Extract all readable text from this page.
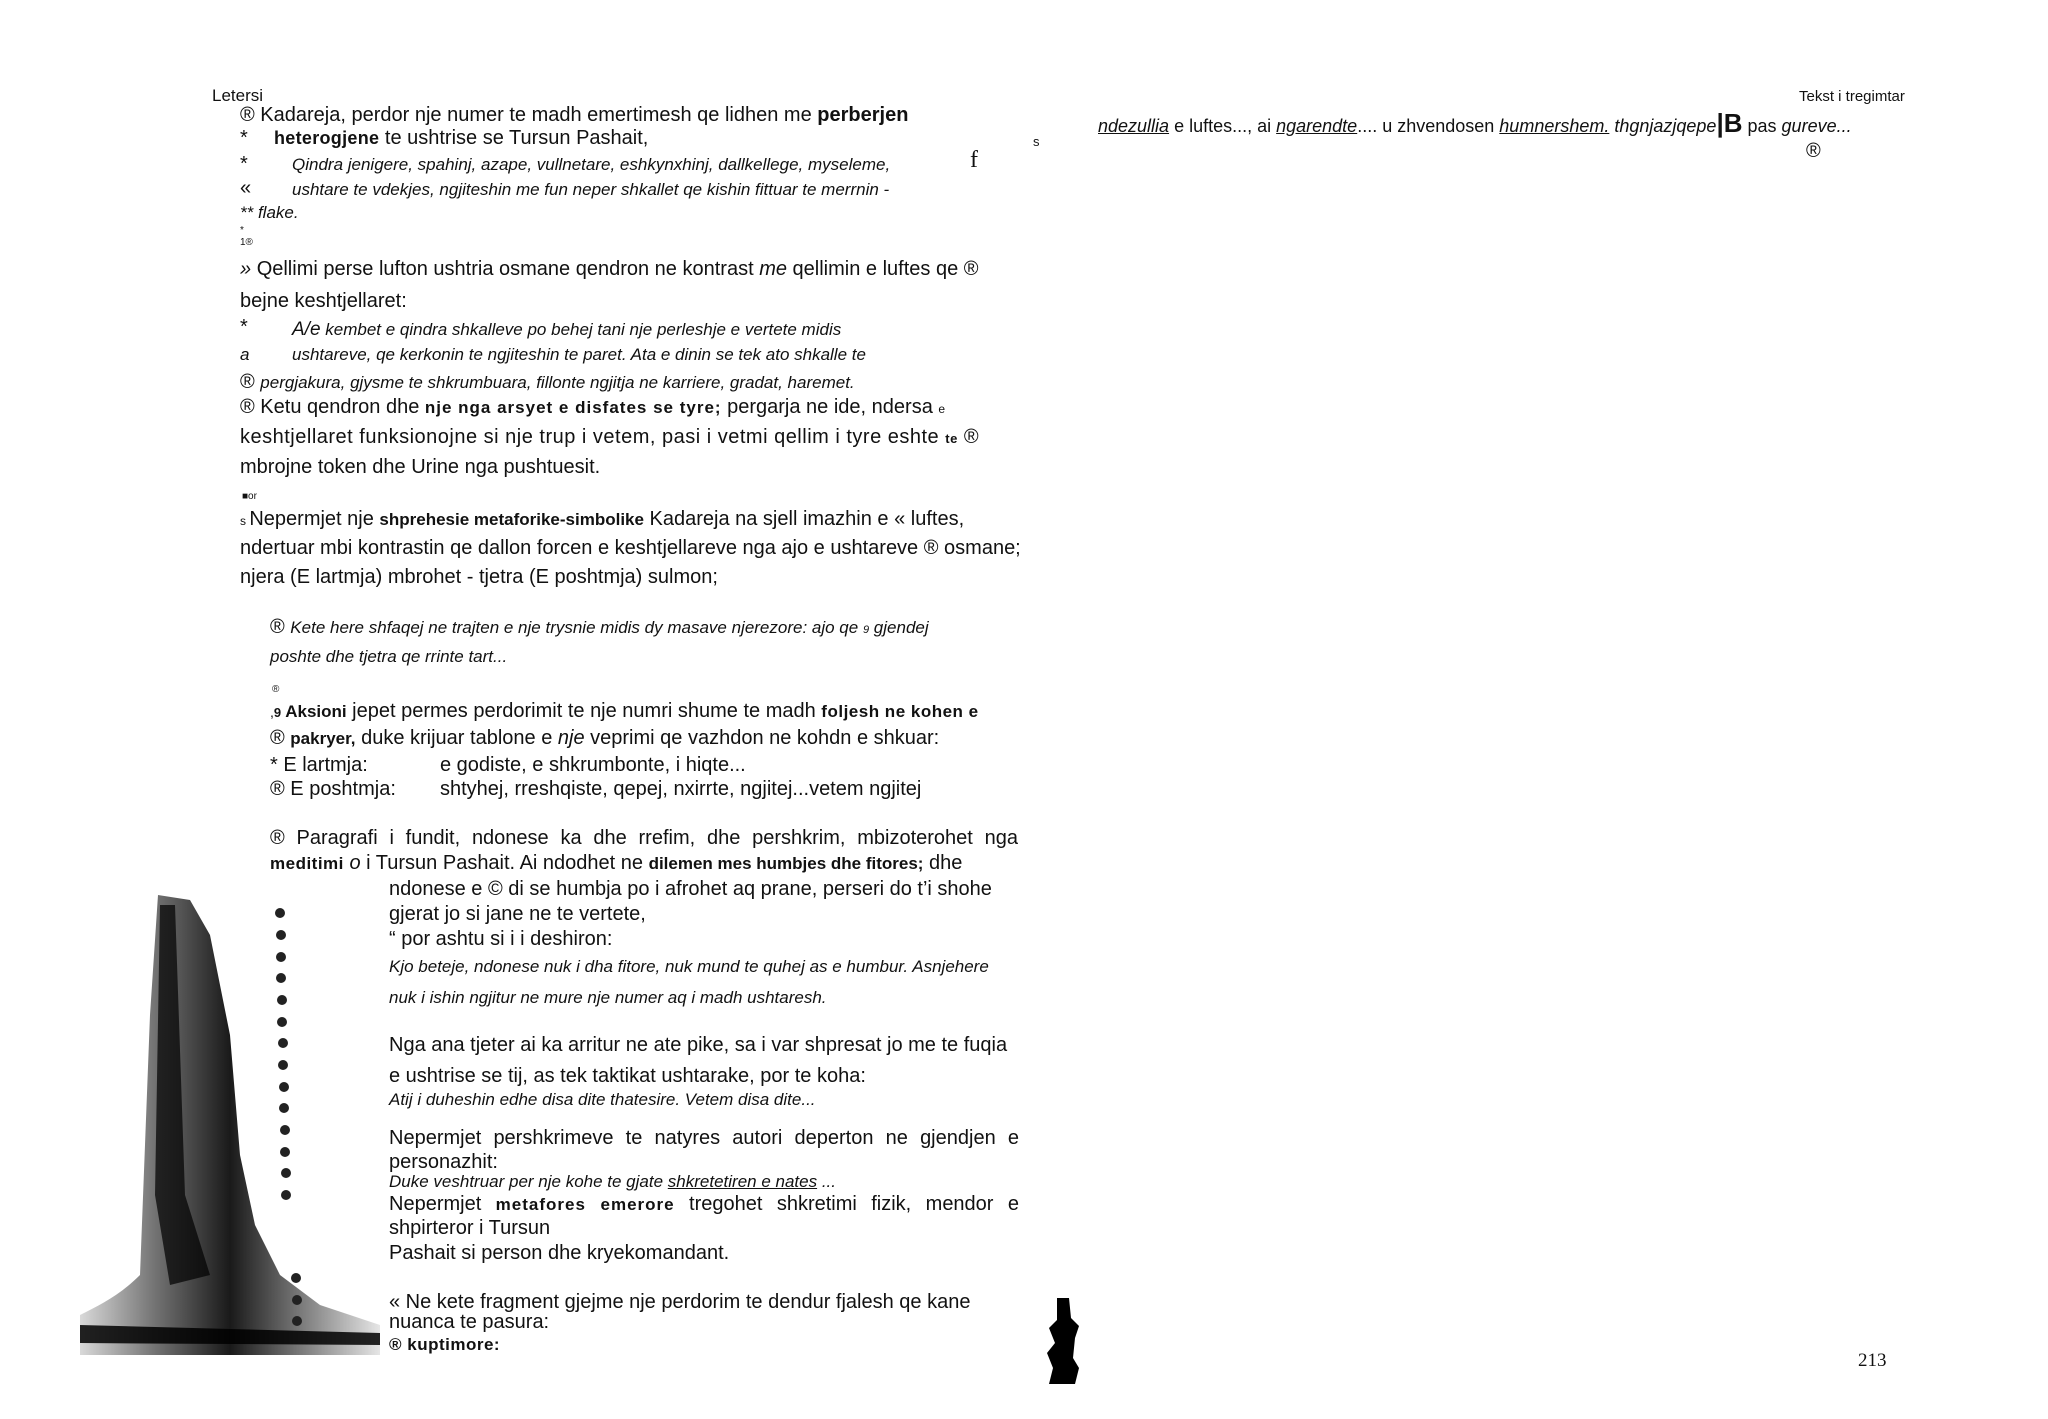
Letersi	Tekst i tregimtar
ndezullia e luftes..., ai ngarendte.... u zhvendosen humnershem. thgnjazjqepe|B pas gureve...
®
® Kadareja, perdor nje numer te madh emertimesh qe lidhen me perberjen
* heterogjene te ushtrise se Tursun Pashait,	s
*	Qindra jenigere, spahinj, azape, vullnetare, eshkynxhinj, dallkellege, myseleme,	f
« ushtare te vdekjes, ngjiteshin me fun neper shkallet qe kishin fittuar te merrnin -
** flake.
*
1®
» Qellimi perse lufton ushtria osmane qendron ne kontrast me qellimin e luftes qe ®
bejne keshtjellaret:
* A/e kembet e qindra shkalleve po behej tani nje perleshje e vertete midis
a	ushtareve, qe kerkonin te ngjiteshin te paret. Ata e dinin se tek ato shkalle te
® pergjakura, gjysme te shkrumbuara, fillonte ngjitja ne karriere, gradat, haremet.
® Ketu qendron dhe nje nga arsyet e disfates se tyre; pergarja ne ide, ndersa e
keshtjellaret funksionojne si nje trup i vetem, pasi i vetmi qellim i tyre eshte te ®
mbrojne token dhe Urine nga pushtuesit.
■or
s Nepermjet nje shprehesie metaforike-simbolike Kadareja na sjell imazhin e « luftes,
ndertuar mbi kontrastin qe dallon forcen e keshtjellareve nga ajo e ushtareve ® osmane;
njera (E lartmja) mbrohet - tjetra (E poshtmja) sulmon;
® Kete here shfaqej ne trajten e nje trysnie midis dy masave njerezore: ajo qe 9 gjendej
poshte dhe tjetra qe rrinte tart...
®
,9 Aksioni jepet permes perdorimit te nje numri shume te madh foljesh ne kohen e
® pakryer, duke krijuar tablone e nje veprimi qe vazhdon ne kohdn e shkuar:
* E lartmja:	e godiste, e shkrumbonte, i hiqte...
® E poshtmja: shtyhej, rreshqiste, qepej, nxirrte, ngjitej...vetem ngjitej
® Paragrafi i fundit, ndonese ka dhe rrefim, dhe pershkrim, mbizoterohet nga
meditimi o i Tursun Pashait. Ai ndodhet ne dilemen mes humbjes dhe fitores; dhe
ndonese e © di se humbja po i afrohet aq prane, perseri do t’i shohe
gjerat jo si jane ne te vertete,
“ por ashtu si i i deshiron:
Kjo beteje, ndonese nuk i dha fitore, nuk mund te quhej as e humbur. Asnjehere
nuk i ishin ngjitur ne mure nje numer aq i madh ushtaresh.
Nga ana tjeter ai ka arritur ne ate pike, sa i var shpresat jo me te fuqia
e ushtrise se tij, as tek taktikat ushtarake, por te koha:
Atij i duheshin edhe disa dite thatesire. Vetem disa dite...
Nepermjet pershkrimeve te natyres autori deperton ne gjendjen e
personazhit:
Duke veshtruar per nje kohe te gjate shkretetiren e nates ...
Nepermjet metafores emerore tregohet shkretimi fizik, mendor e
shpirteror i Tursun
Pashait si person dhe kryekomandant.
« Ne kete fragment gjejme nje perdorim te dendur fjalesh qe kane
nuanca te pasura:
® kuptimore:
213
